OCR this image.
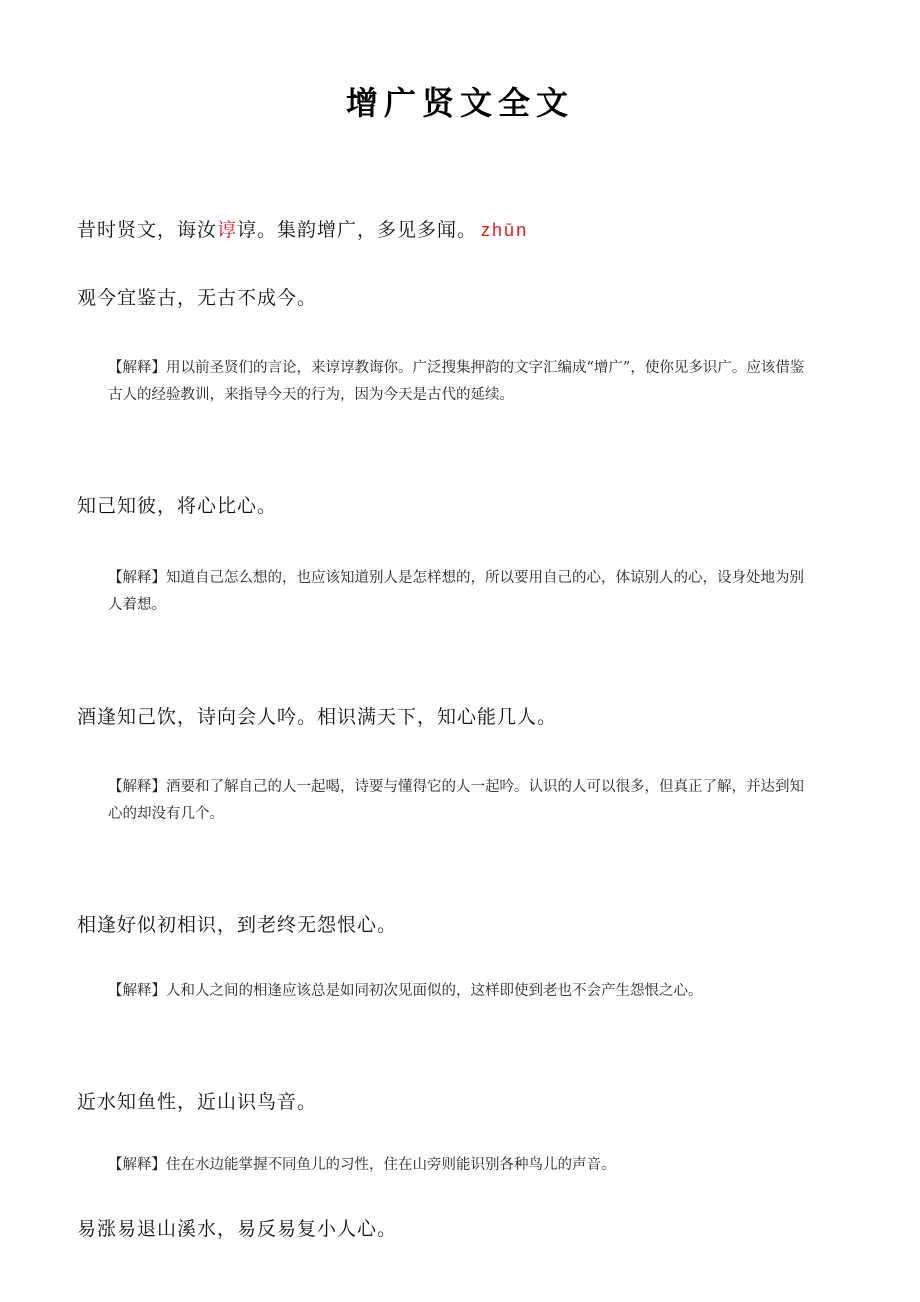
增广贤文全文
昔时贤文，诲汝谆谆。集韵增广，多见多闻。 zhūn
观今宜鉴古，无古不成今。
【解释】用以前圣贤们的言论，来谆谆教诲你。广泛搜集押韵的文字汇编成“增广”，使你见多识广。应该借鉴古人的经验教训，来指导今天的行为，因为今天是古代的延续。
知己知彼，将心比心。
【解释】知道自己怎么想的，也应该知道别人是怎样想的，所以要用自己的心，体谅别人的心，设身处地为别人着想。
酒逢知己饮，诗向会人吟。相识满天下，知心能几人。
【解释】酒要和了解自己的人一起喝，诗要与懂得它的人一起吟。认识的人可以很多，但真正了解，并达到知心的却没有几个。
相逢好似初相识，到老终无怨恨心。
【解释】人和人之间的相逢应该总是如同初次见面似的，这样即使到老也不会产生怨恨之心。
近水知鱼性，近山识鸟音。
【解释】住在水边能掌握不同鱼儿的习性，住在山旁则能识别各种鸟儿的声音。
易涨易退山溪水，易反易复小人心。
